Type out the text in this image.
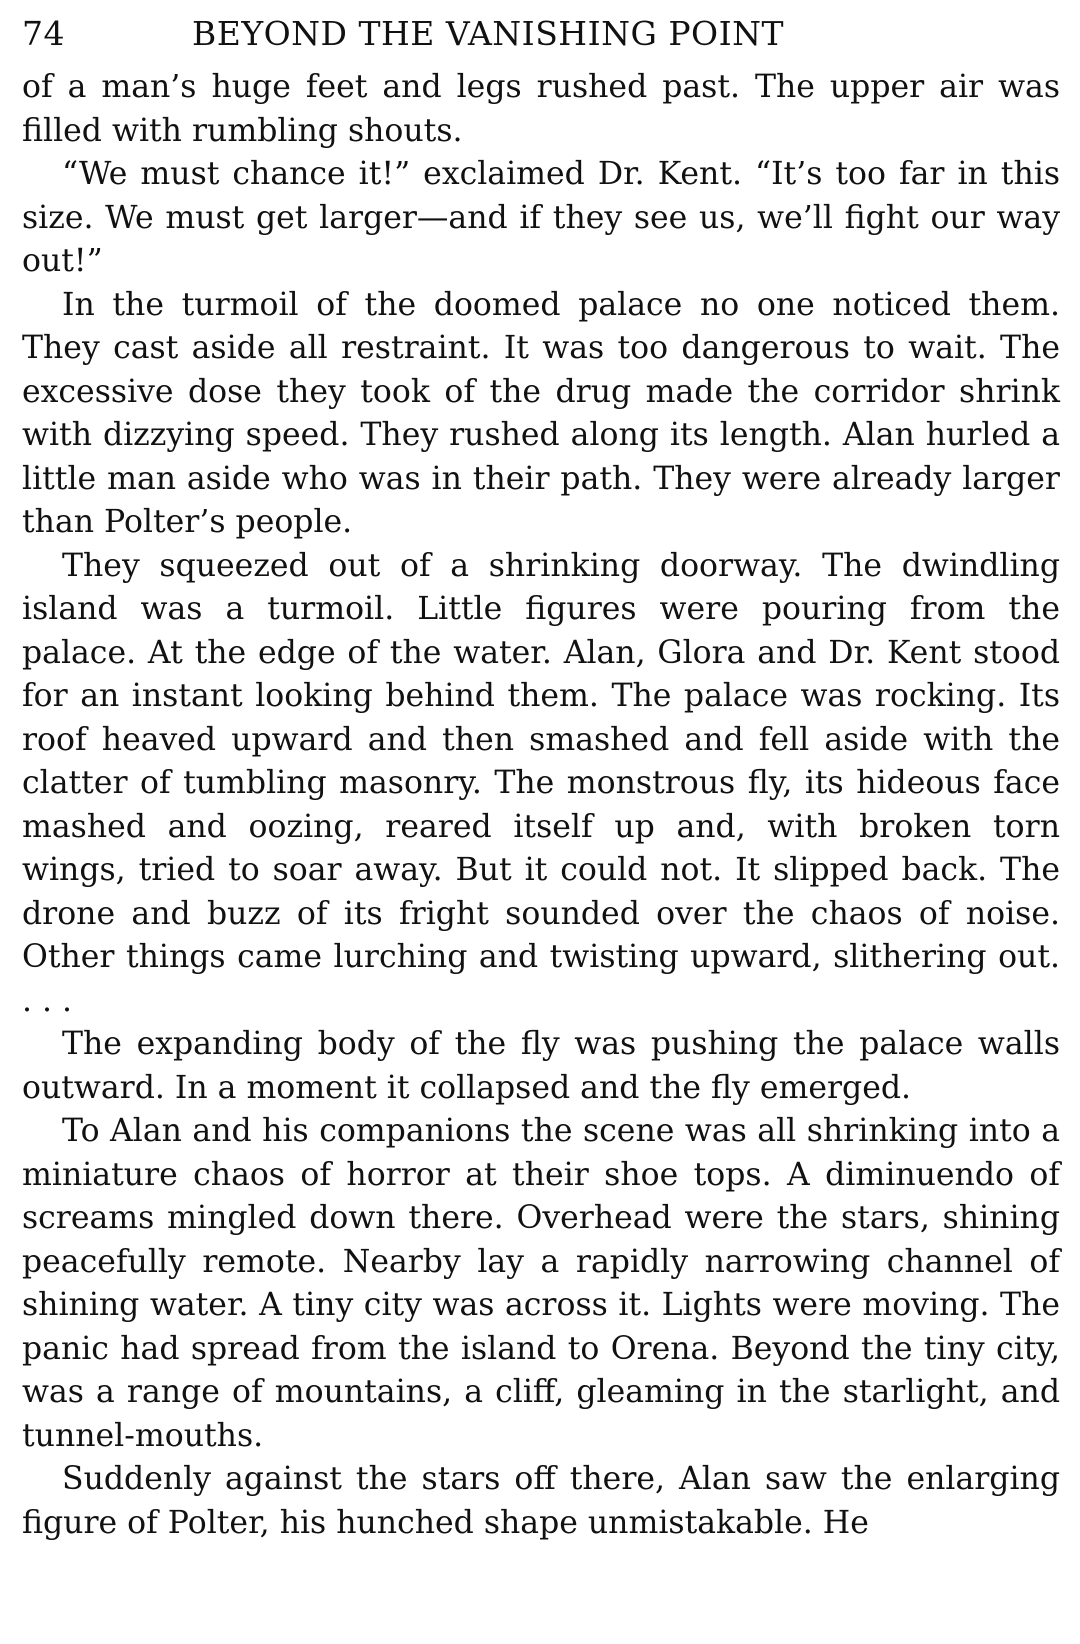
74	BEYOND THE VANISHING POINT

of a man’s huge feet and legs rushed past. The upper air was filled with rumbling shouts.

“We must chance it!” exclaimed Dr. Kent. “It’s too far in this size. We must get larger—and if they see us, we’ll fight our way out!”

In the turmoil of the doomed palace no one noticed them. They cast aside all restraint. It was too dangerous to wait. The excessive dose they took of the drug made the corridor shrink with dizzying speed. They rushed along its length. Alan hurled a little man aside who was in their path. They were already larger than Polter’s people.

They squeezed out of a shrinking doorway. The dwindling island was a turmoil. Little figures were pouring from the palace. At the edge of the water. Alan, Glora and Dr. Kent stood for an instant looking behind them. The palace was rocking. Its roof heaved upward and then smashed and fell aside with the clatter of tumbling masonry. The monstrous fly, its hideous face mashed and oozing, reared itself up and, with broken torn wings, tried to soar away. But it could not. It slipped back. The drone and buzz of its fright sounded over the chaos of noise. Other things came lurching and twisting upward, slithering out. . . .

The expanding body of the fly was pushing the palace walls outward. In a moment it collapsed and the fly emerged.

To Alan and his companions the scene was all shrinking into a miniature chaos of horror at their shoe tops. A diminuendo of screams mingled down there. Overhead were the stars, shining peacefully remote. Nearby lay a rapidly narrowing channel of shining water. A tiny city was across it. Lights were moving. The panic had spread from the island to Orena. Beyond the tiny city, was a range of mountains, a cliff, gleaming in the starlight, and tunnel-mouths.

Suddenly against the stars off there, Alan saw the enlarging figure of Polter, his hunched shape unmistakable. He
